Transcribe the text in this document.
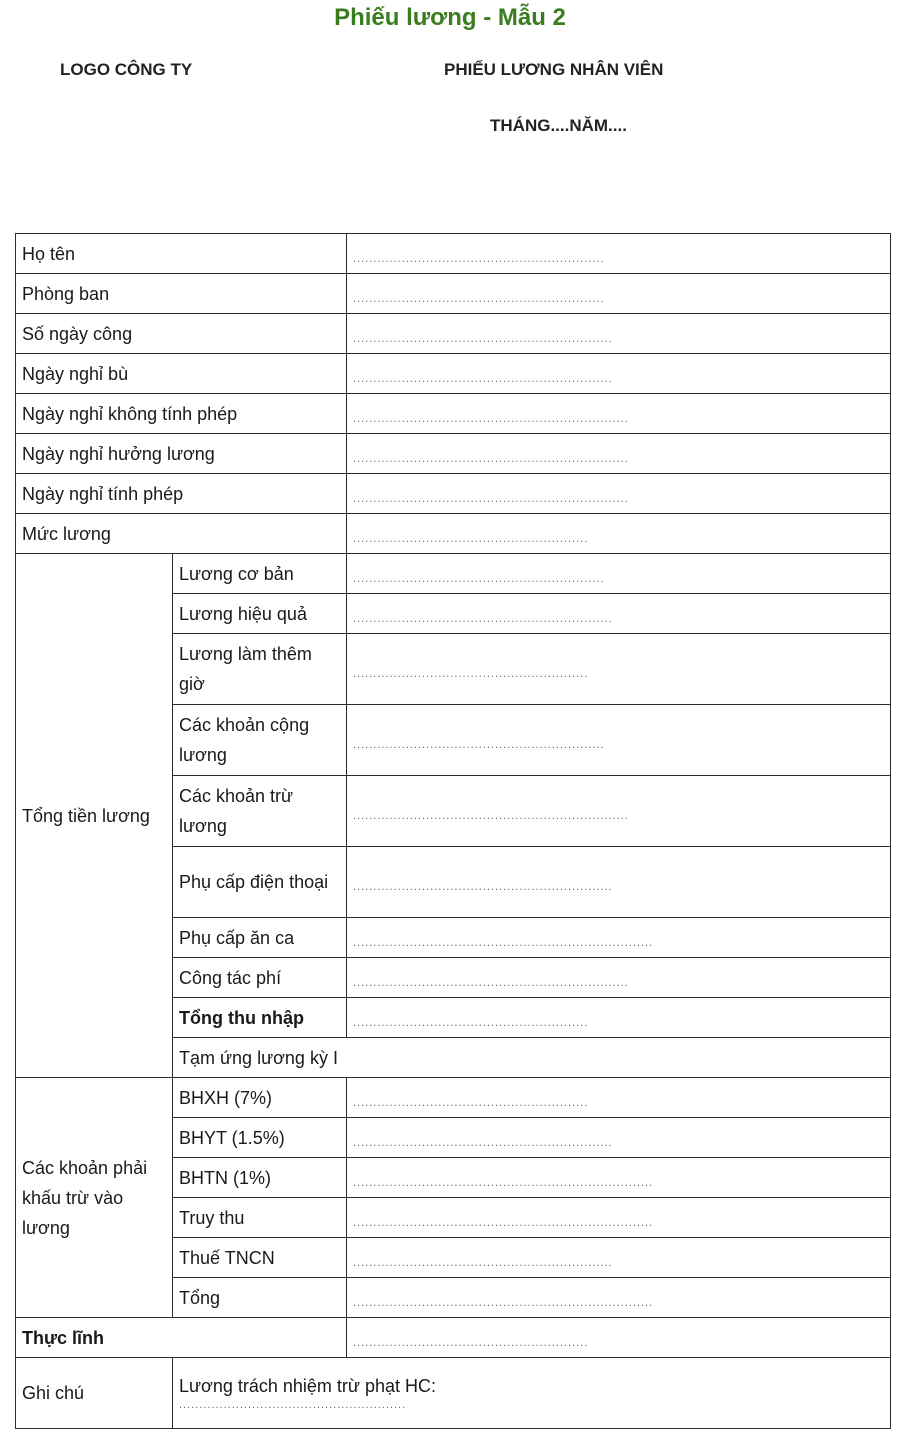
Phiếu lương - Mẫu 2
LOGO CÔNG TY	PHIẾU LƯƠNG NHÂN VIÊN
THÁNG....NĂM....
Họ tên		..............................................................	

Phòng ban		..............................................................	

Số ngày công		................................................................	

Ngày nghỉ bù		................................................................	

Ngày nghỉ không tính phép		....................................................................	

Ngày nghỉ hưởng lương		....................................................................	

Ngày nghỉ tính phép		....................................................................	

Mức lương		..........................................................	

Tổng tiền lương	Lương cơ bản	..............................................................	

	Lương hiệu quả	................................................................	

	Lương làm thêm giờ	..........................................................	

	Các khoản cộng lương	..............................................................	

	Các khoản trừ lương	....................................................................	

	Phụ cấp điện thoại	................................................................	

	Phụ cấp ăn ca	..........................................................................	

	Công tác phí	....................................................................	

	Tổng thu nhập	..........................................................	

	Tạm ứng lương kỳ I	

Các khoản phải khấu trừ vào lương	BHXH (7%)	..........................................................	

	BHYT (1.5%)	................................................................	

	BHTN (1%)	..........................................................................	

	Truy thu	..........................................................................	

	Thuế TNCN	................................................................	

	Tổng	..........................................................................	

Thực lĩnh		..........................................................	

Ghi chú	Lương trách nhiệm trừ phạt HC:
........................................................		
